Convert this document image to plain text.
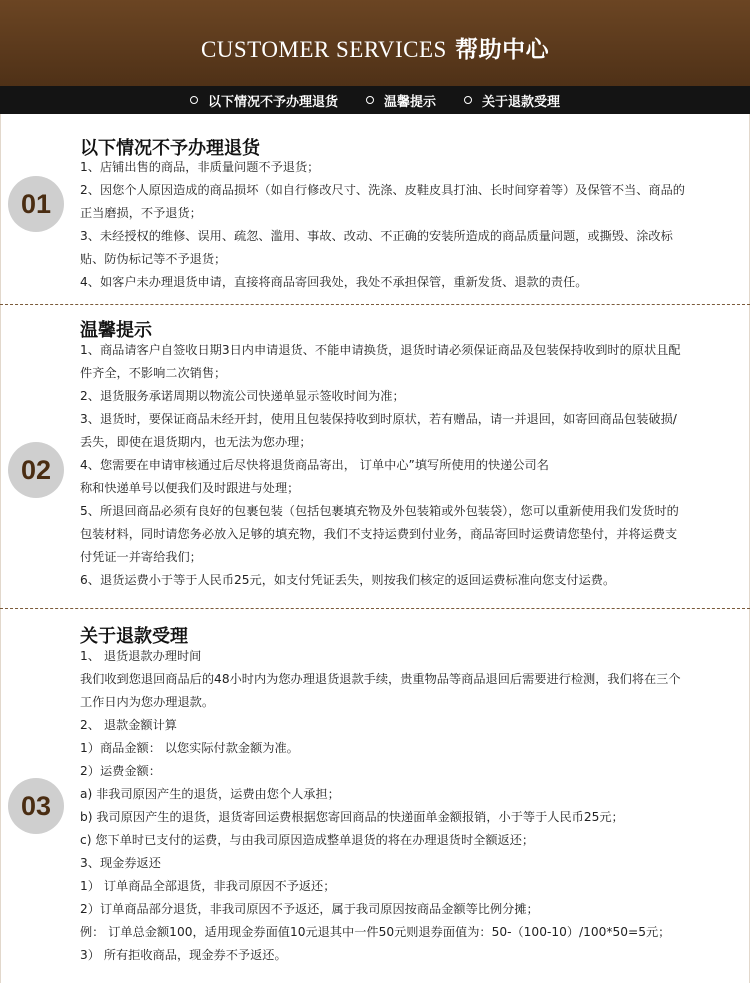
CUSTOMER SERVICES 帮助中心
以下情况不予办理退货	温馨提示	关于退款受理
01
以下情况不予办理退货
1、店铺出售的商品，非质量问题不予退货；
2、因您个人原因造成的商品损坏（如自行修改尺寸、洗涤、皮鞋皮具打油、长时间穿着等）及保管不当、商品的
正当磨损，不予退货；
3、未经授权的维修、误用、疏忽、滥用、事故、改动、不正确的安装所造成的商品质量问题，或撕毁、涂改标
贴、防伪标记等不予退货；
4、如客户未办理退货申请，直接将商品寄回我处，我处不承担保管，重新发货、退款的责任。
02
温馨提示
1、商品请客户自签收日期3日内申请退货、不能申请换货，退货时请必须保证商品及包装保持收到时的原状且配
件齐全，不影响二次销售；
2、退货服务承诺周期以物流公司快递单显示签收时间为准；
3、退货时，要保证商品未经开封，使用且包装保持收到时原状，若有赠品，请一并退回，如寄回商品包装破损/
丢失，即使在退货期内，也无法为您办理；
4、您需要在申请审核通过后尽快将退货商品寄出， 订单中心”填写所使用的快递公司名
称和快递单号以便我们及时跟进与处理；
5、所退回商品必须有良好的包裹包装（包括包裹填充物及外包装箱或外包装袋），您可以重新使用我们发货时的
包装材料，同时请您务必放入足够的填充物，我们不支持运费到付业务，商品寄回时运费请您垫付，并将运费支
付凭证一并寄给我们；
6、退货运费小于等于人民币25元，如支付凭证丢失，则按我们核定的返回运费标准向您支付运费。
03
关于退款受理
1、 退货退款办理时间
我们收到您退回商品后的48小时内为您办理退货退款手续，贵重物品等商品退回后需要进行检测，我们将在三个
工作日内为您办理退款。
2、 退款金额计算
1）商品金额： 以您实际付款金额为准。
2）运费金额：
a) 非我司原因产生的退货，运费由您个人承担；
b) 我司原因产生的退货，退货寄回运费根据您寄回商品的快递面单金额报销，小于等于人民币25元；
c) 您下单时已支付的运费，与由我司原因造成整单退货的将在办理退货时全额返还；
3、现金券返还
1） 订单商品全部退货，非我司原因不予返还；
2）订单商品部分退货，非我司原因不予返还，属于我司原因按商品金额等比例分摊；
例： 订单总金额100，适用现金券面值10元退其中一件50元则退券面值为：50-（100-10）/100*50=5元；
3） 所有拒收商品，现金券不予返还。
